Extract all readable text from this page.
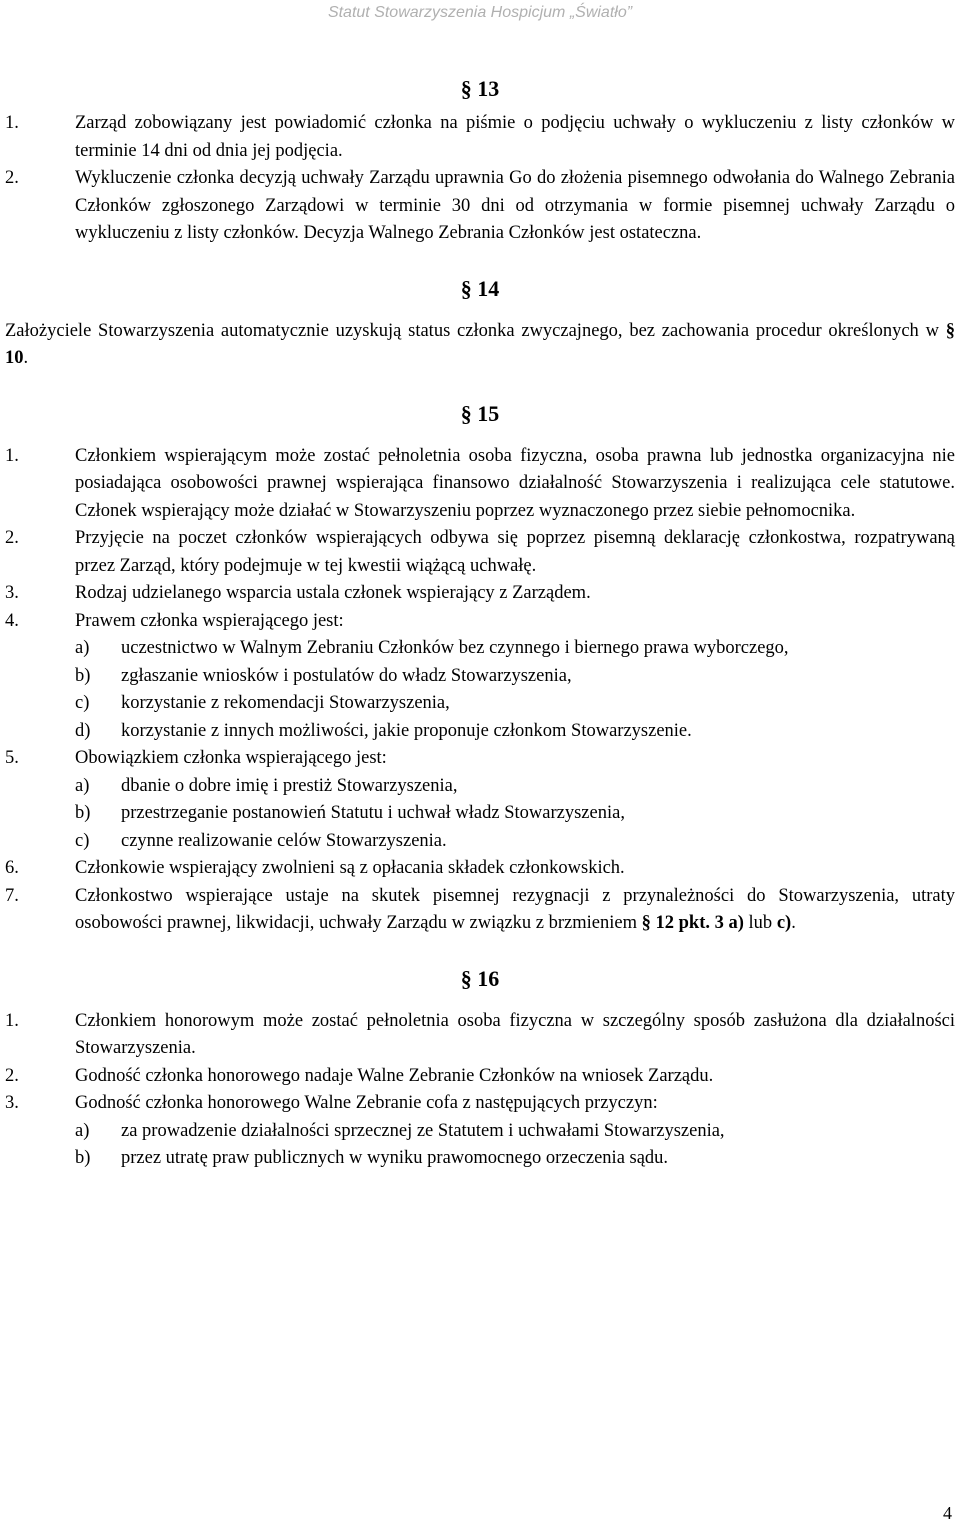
Statut Stowarzyszenia Hospicjum „Światło”
§ 13
1.	Zarząd zobowiązany jest powiadomić członka na piśmie o podjęciu uchwały o wykluczeniu z listy członków w terminie 14 dni od dnia jej podjęcia.
2.	Wykluczenie członka decyzją uchwały Zarządu uprawnia Go do złożenia pisemnego odwołania do Walnego Zebrania Członków zgłoszonego Zarządowi w terminie 30 dni od otrzymania w formie pisemnej uchwały Zarządu o wykluczeniu z listy członków. Decyzja Walnego Zebrania Członków jest ostateczna.
§ 14
Założyciele Stowarzyszenia automatycznie uzyskują status członka zwyczajnego, bez zachowania procedur określonych w § 10.
§ 15
1.	Członkiem wspierającym może zostać pełnoletnia osoba fizyczna, osoba prawna lub jednostka organizacyjna nie posiadająca osobowości prawnej wspierająca finansowo działalność Stowarzyszenia i realizująca cele statutowe. Członek wspierający może działać w Stowarzyszeniu poprzez wyznaczonego przez siebie pełnomocnika.
2.	Przyjęcie na poczet członków wspierających odbywa się poprzez pisemną deklarację członkostwa, rozpatrywaną przez Zarząd, który podejmuje w tej kwestii wiążącą uchwałę.
3.	Rodzaj udzielanego wsparcia ustala członek wspierający z Zarządem.
4.	Prawem członka wspierającego jest:
a)	uczestnictwo w Walnym Zebraniu Członków bez czynnego i biernego prawa wyborczego,
b)	zgłaszanie wniosków i postulatów do władz Stowarzyszenia,
c)	korzystanie z rekomendacji Stowarzyszenia,
d)	korzystanie z innych możliwości, jakie proponuje członkom Stowarzyszenie.
5.	Obowiązkiem członka wspierającego jest:
a)	dbanie o dobre imię i prestiż Stowarzyszenia,
b)	przestrzeganie postanowień Statutu i uchwał władz Stowarzyszenia,
c)	czynne realizowanie celów Stowarzyszenia.
6.	Członkowie wspierający zwolnieni są z opłacania składek członkowskich.
7.	Członkostwo wspierające ustaje na skutek pisemnej rezygnacji z przynależności do Stowarzyszenia, utraty osobowości prawnej, likwidacji, uchwały Zarządu w związku z brzmieniem § 12 pkt. 3 a) lub c).
§ 16
1.	Członkiem honorowym może zostać pełnoletnia osoba fizyczna w szczególny sposób zasłużona dla działalności Stowarzyszenia.
2.	Godność członka honorowego nadaje Walne Zebranie Członków na wniosek Zarządu.
3.	Godność członka honorowego Walne Zebranie cofa z następujących przyczyn:
a)	za prowadzenie działalności sprzecznej ze Statutem i uchwałami Stowarzyszenia,
b)	przez utratę praw publicznych w wyniku prawomocnego orzeczenia sądu.
4
